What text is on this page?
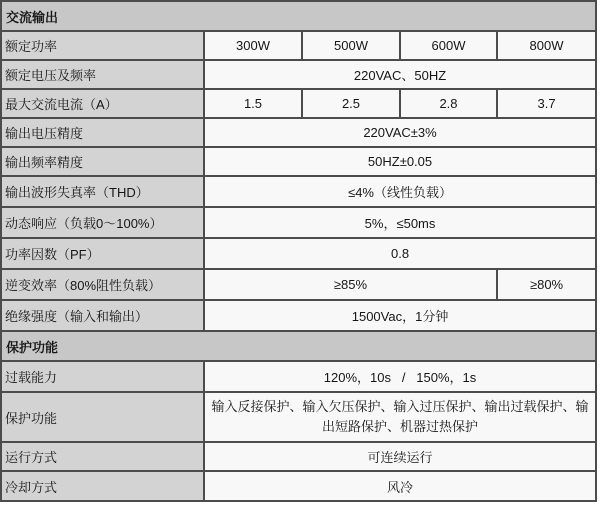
交流输出				
额定功率	300W	500W	600W	800W
额定电压及频率	220VAC、50HZ			
最大交流电流（A）	1.5	2.5	2.8	3.7
输出电压精度	220VAC±3%			
输出频率精度	50HZ±0.05			
输出波形失真率（THD）	≤4%（线性负载）			
动态响应（负载0～100%）	5%，≤50ms			
功率因数（PF）	0.8			
逆变效率（80%阻性负载）	≥85%			≥80%
绝缘强度（输入和输出）	1500Vac，1分钟			
保护功能				
过载能力	120%，10s   /   150%，1s			
保护功能	输入反接保护、输入欠压保护、输入过压保护、输出过载保护、输出短路保护、机器过热保护			
运行方式	可连续运行			
冷却方式	风冷			
